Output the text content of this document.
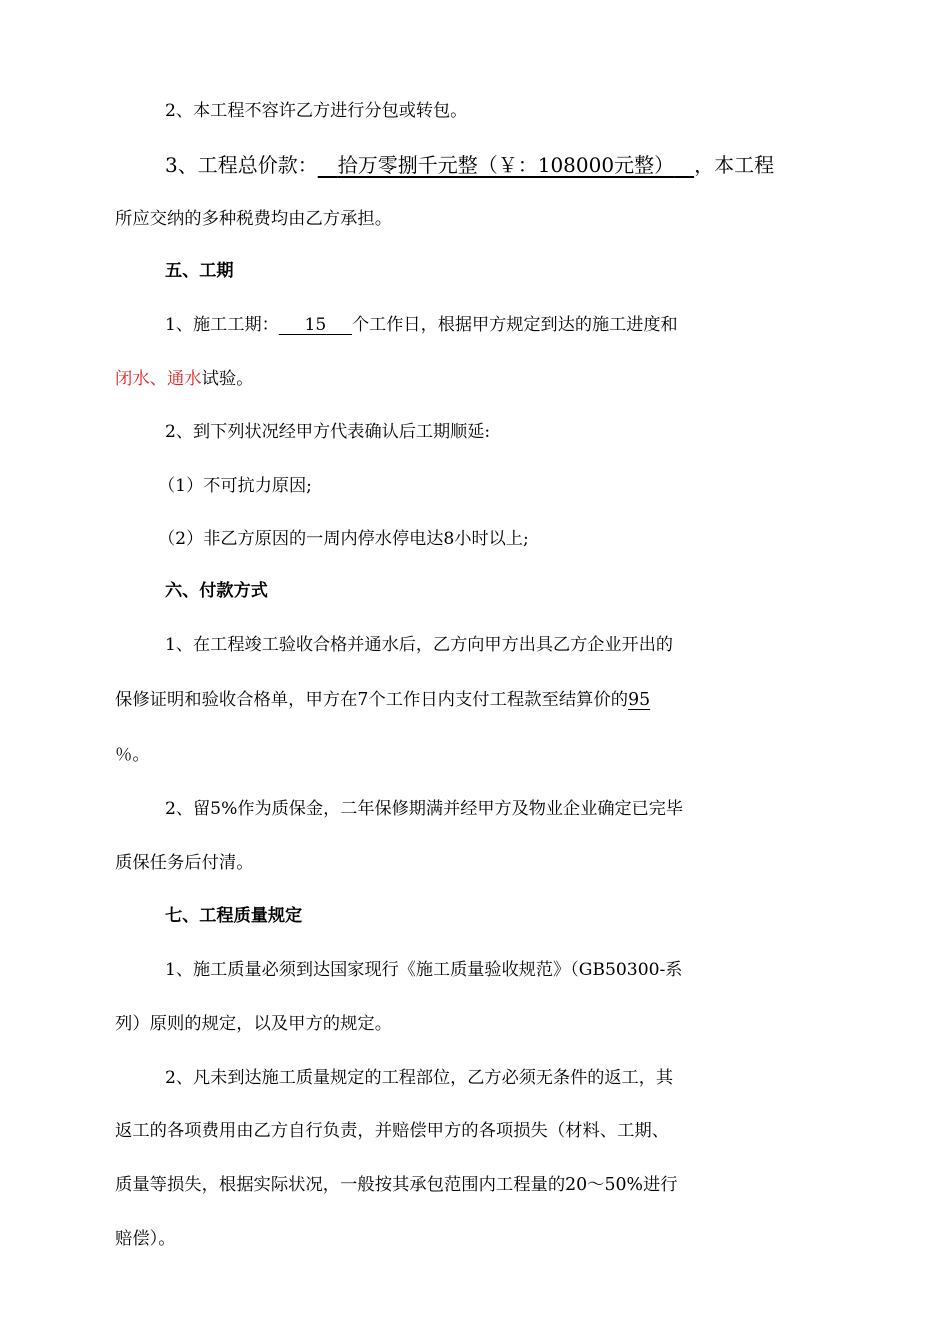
2、本工程不容许乙方进行分包或转包。
3、工程总价款：  拾万零捌千元整（￥：108000元整）  ，本工程
所应交纳的多种税费均由乙方承担。
五、工期
1、施工工期：   15   个工作日，根据甲方规定到达的施工进度和
闭水、通水试验。
2、到下列状况经甲方代表确认后工期顺延:
（1）不可抗力原因;
（2）非乙方原因的一周内停水停电达8小时以上;
六、付款方式
1、在工程竣工验收合格并通水后，乙方向甲方出具乙方企业开出的
保修证明和验收合格单，甲方在7个工作日内支付工程款至结算价的95
％。
2、留5%作为质保金，二年保修期满并经甲方及物业企业确定已完毕
质保任务后付清。
七、工程质量规定
1、施工质量必须到达国家现行《施工质量验收规范》（GB50300-系
列）原则的规定，以及甲方的规定。
2、凡未到达施工质量规定的工程部位，乙方必须无条件的返工，其
返工的各项费用由乙方自行负责，并赔偿甲方的各项损失（材料、工期、
质量等损失，根据实际状况，一般按其承包范围内工程量的20～50%进行
赔偿）。
